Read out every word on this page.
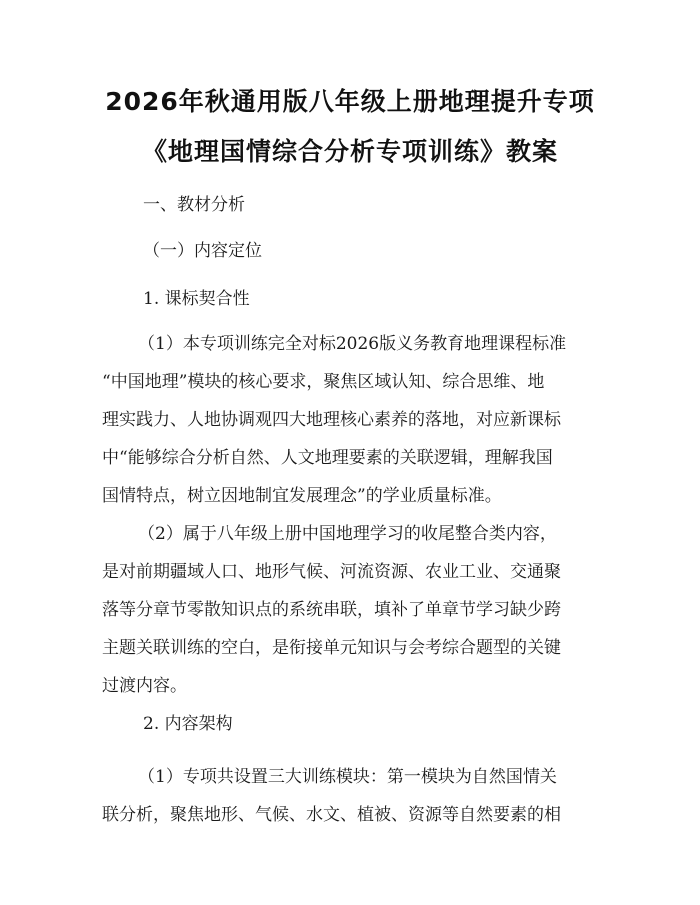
2026年秋通用版八年级上册地理提升专项
《地理国情综合分析专项训练》教案
一、教材分析
（一）内容定位
1. 课标契合性
（1）本专项训练完全对标2026版义务教育地理课程标准
“中国地理”模块的核心要求，聚焦区域认知、综合思维、地
理实践力、人地协调观四大地理核心素养的落地，对应新课标
中“能够综合分析自然、人文地理要素的关联逻辑，理解我国
国情特点，树立因地制宜发展理念”的学业质量标准。
（2）属于八年级上册中国地理学习的收尾整合类内容，
是对前期疆域人口、地形气候、河流资源、农业工业、交通聚
落等分章节零散知识点的系统串联，填补了单章节学习缺少跨
主题关联训练的空白，是衔接单元知识与会考综合题型的关键
过渡内容。
2. 内容架构
（1）专项共设置三大训练模块：第一模块为自然国情关
联分析，聚焦地形、气候、水文、植被、资源等自然要素的相
